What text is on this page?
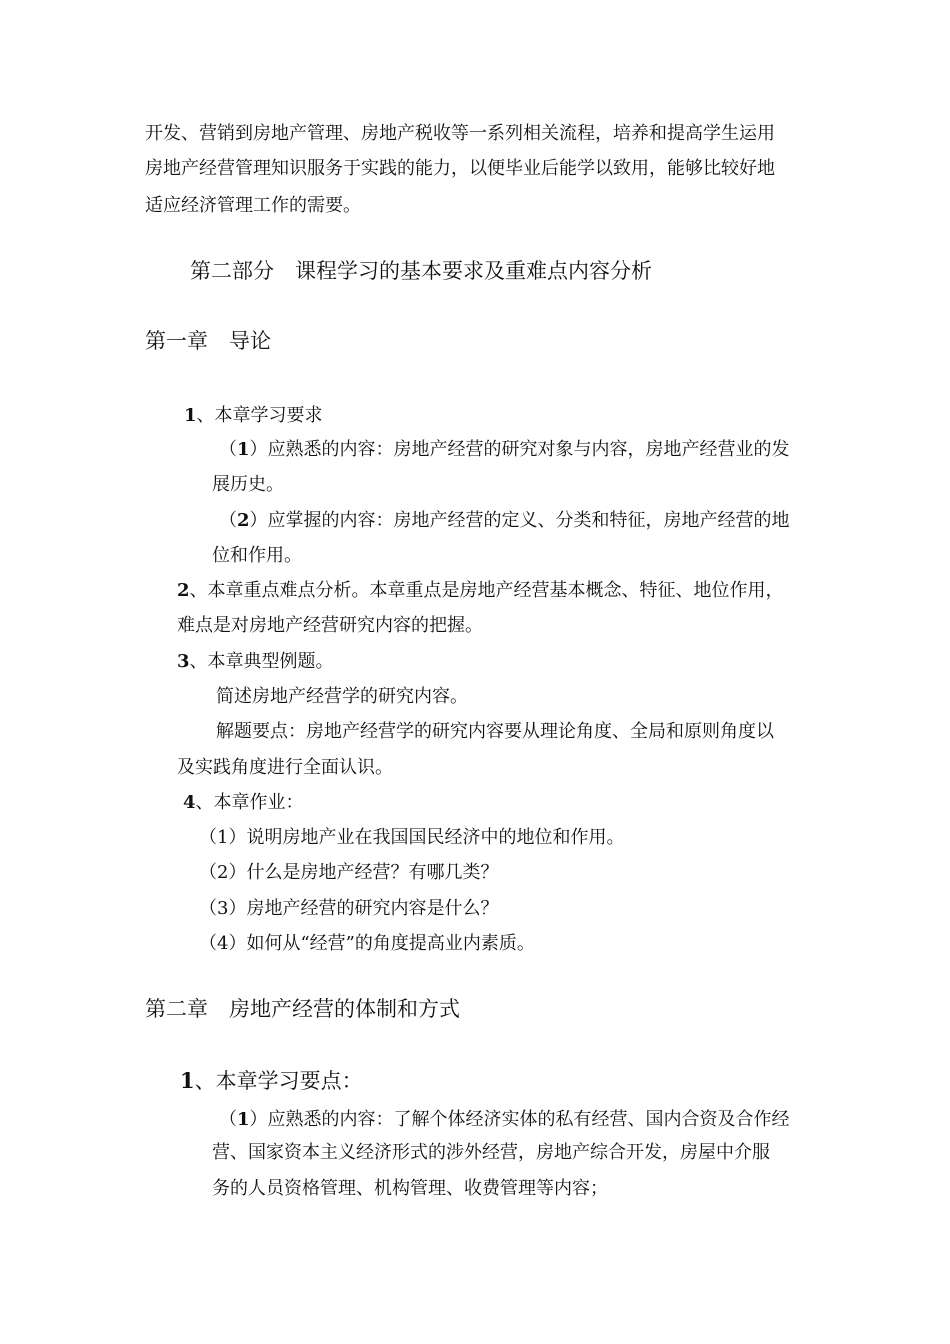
开发、营销到房地产管理、房地产税收等一系列相关流程，培养和提高学生运用
房地产经营管理知识服务于实践的能力，以便毕业后能学以致用，能够比较好地
适应经济管理工作的需要。
第二部分　课程学习的基本要求及重难点内容分析
第一章　导论
1、本章学习要求
（1）应熟悉的内容：房地产经营的研究对象与内容，房地产经营业的发
展历史。
（2）应掌握的内容：房地产经营的定义、分类和特征，房地产经营的地
位和作用。
2、本章重点难点分析。本章重点是房地产经营基本概念、特征、地位作用，
难点是对房地产经营研究内容的把握。
3、本章典型例题。
简述房地产经营学的研究内容。
解题要点：房地产经营学的研究内容要从理论角度、全局和原则角度以
及实践角度进行全面认识。
4、本章作业：
（1）说明房地产业在我国国民经济中的地位和作用。
（2）什么是房地产经营？有哪几类？
（3）房地产经营的研究内容是什么？
（4）如何从“经营”的角度提高业内素质。
第二章　房地产经营的体制和方式
1、本章学习要点：
（1）应熟悉的内容：了解个体经济实体的私有经营、国内合资及合作经
营、国家资本主义经济形式的涉外经营，房地产综合开发，房屋中介服
务的人员资格管理、机构管理、收费管理等内容；
